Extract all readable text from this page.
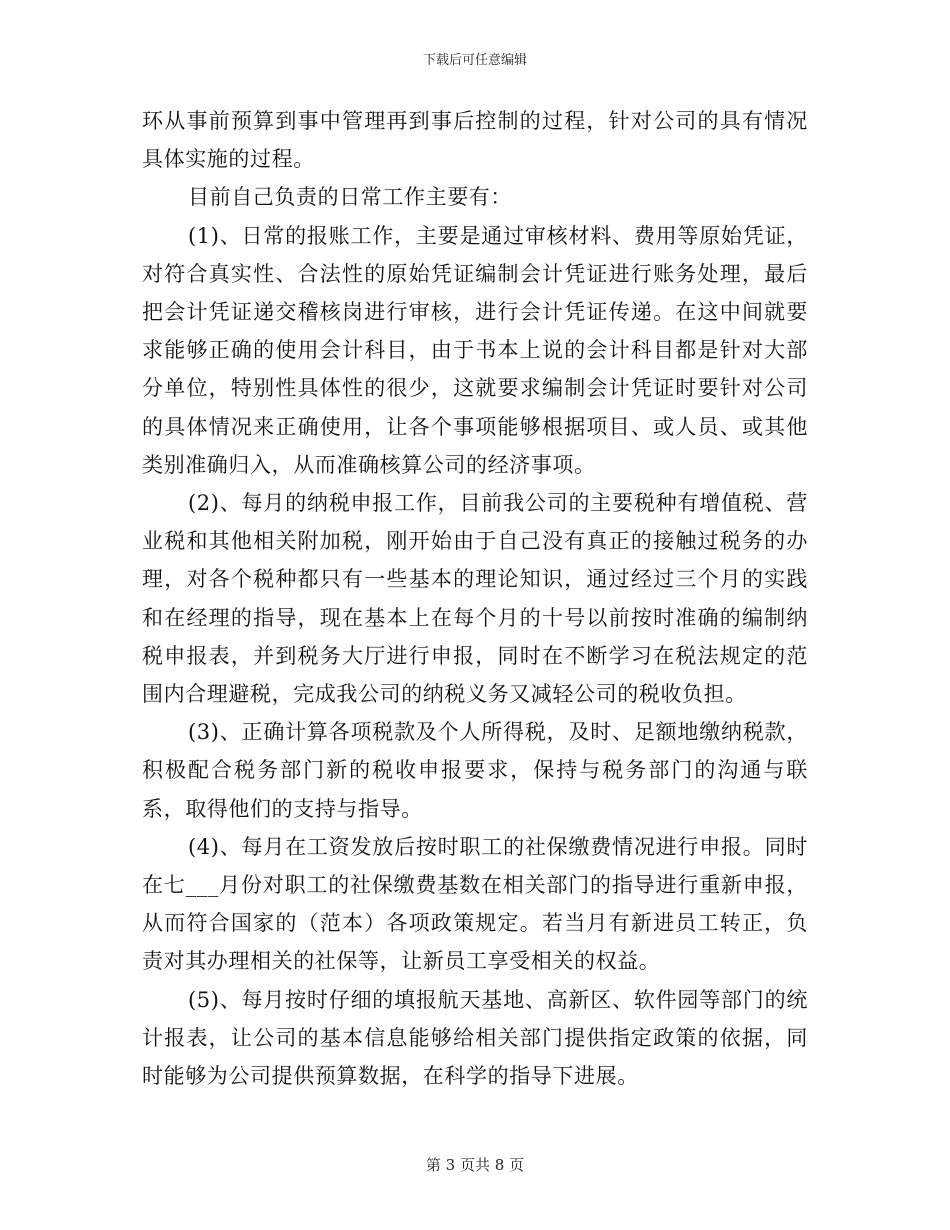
下载后可任意编辑

环从事前预算到事中管理再到事后控制的过程，针对公司的具有情况具体实施的过程。

目前自己负责的日常工作主要有：

(1)、日常的报账工作，主要是通过审核材料、费用等原始凭证，对符合真实性、合法性的原始凭证编制会计凭证进行账务处理，最后把会计凭证递交稽核岗进行审核，进行会计凭证传递。在这中间就要求能够正确的使用会计科目，由于书本上说的会计科目都是针对大部分单位，特别性具体性的很少，这就要求编制会计凭证时要针对公司的具体情况来正确使用，让各个事项能够根据项目、或人员、或其他类别准确归入，从而准确核算公司的经济事项。

(2)、每月的纳税申报工作，目前我公司的主要税种有增值税、营业税和其他相关附加税，刚开始由于自己没有真正的接触过税务的办理，对各个税种都只有一些基本的理论知识，通过经过三个月的实践和在经理的指导，现在基本上在每个月的十号以前按时准确的编制纳税申报表，并到税务大厅进行申报，同时在不断学习在税法规定的范围内合理避税，完成我公司的纳税义务又减轻公司的税收负担。

(3)、正确计算各项税款及个人所得税，及时、足额地缴纳税款，积极配合税务部门新的税收申报要求，保持与税务部门的沟通与联系，取得他们的支持与指导。

(4)、每月在工资发放后按时职工的社保缴费情况进行申报。同时在七___月份对职工的社保缴费基数在相关部门的指导进行重新申报，从而符合国家的（范本）各项政策规定。若当月有新进员工转正，负责对其办理相关的社保等，让新员工享受相关的权益。

(5)、每月按时仔细的填报航天基地、高新区、软件园等部门的统计报表，让公司的基本信息能够给相关部门提供指定政策的依据，同时能够为公司提供预算数据，在科学的指导下进展。

第 3 页共 8 页
